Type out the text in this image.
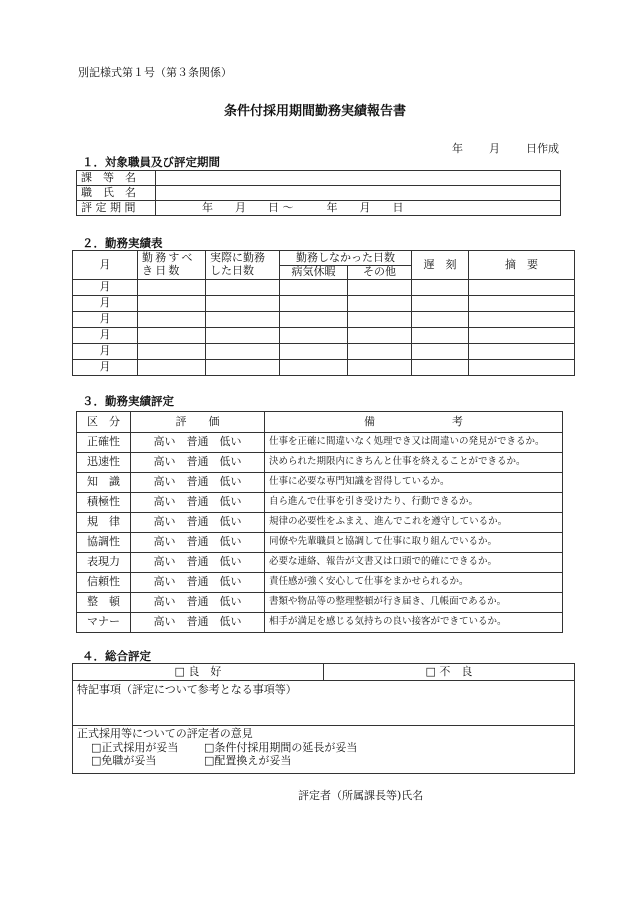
別記様式第１号（第３条関係）
条件付採用期間勤務実績報告書
年 月 日作成
１．対象職員及び評定期間
課　等　名	
職　氏　名	
評 定 期 間	年　　月　　日 〜　　　年　　月　　日
２．勤務実績表
月	勤務すべき日数	実際に勤務した日数	勤務しなかった日数		遅　刻	摘　要
			病気休暇	その他		
月						
月						
月						
月						
月						
月						
３．勤務実績評定
区　分	評　　価	備　　　　　　　考
正確性	高い　 普通　 低い	仕事を正確に間違いなく処理でき又は間違いの発見ができるか。
迅速性	高い　 普通　 低い	決められた期限内にきちんと仕事を終えることができるか。
知　識	高い　 普通　 低い	仕事に必要な専門知識を習得しているか。
積極性	高い　 普通　 低い	自ら進んで仕事を引き受けたり、行動できるか。
規　律	高い　 普通　 低い	規律の必要性をふまえ、進んでこれを遵守しているか。
協調性	高い　 普通　 低い	同僚や先輩職員と協調して仕事に取り組んでいるか。
表現力	高い　 普通　 低い	必要な連絡、報告が文書又は口頭で的確にできるか。
信頼性	高い　 普通　 低い	責任感が強く安心して仕事をまかせられるか。
整　頓	高い　 普通　 低い	書類や物品等の整理整頓が行き届き、几帳面であるか。
マナー	高い　 普通　 低い	相手が満足を感じる気持ちの良い接客ができているか。
４．総合評定
□ 良　好	□ 不　良
特記事項（評定について参考となる事項等）

正式採用等についての評定者の意見
□正式採用が妥当 □条件付採用期間の延長が妥当
□免職が妥当	□配置換えが妥当
評定者（所属課長等)氏名
